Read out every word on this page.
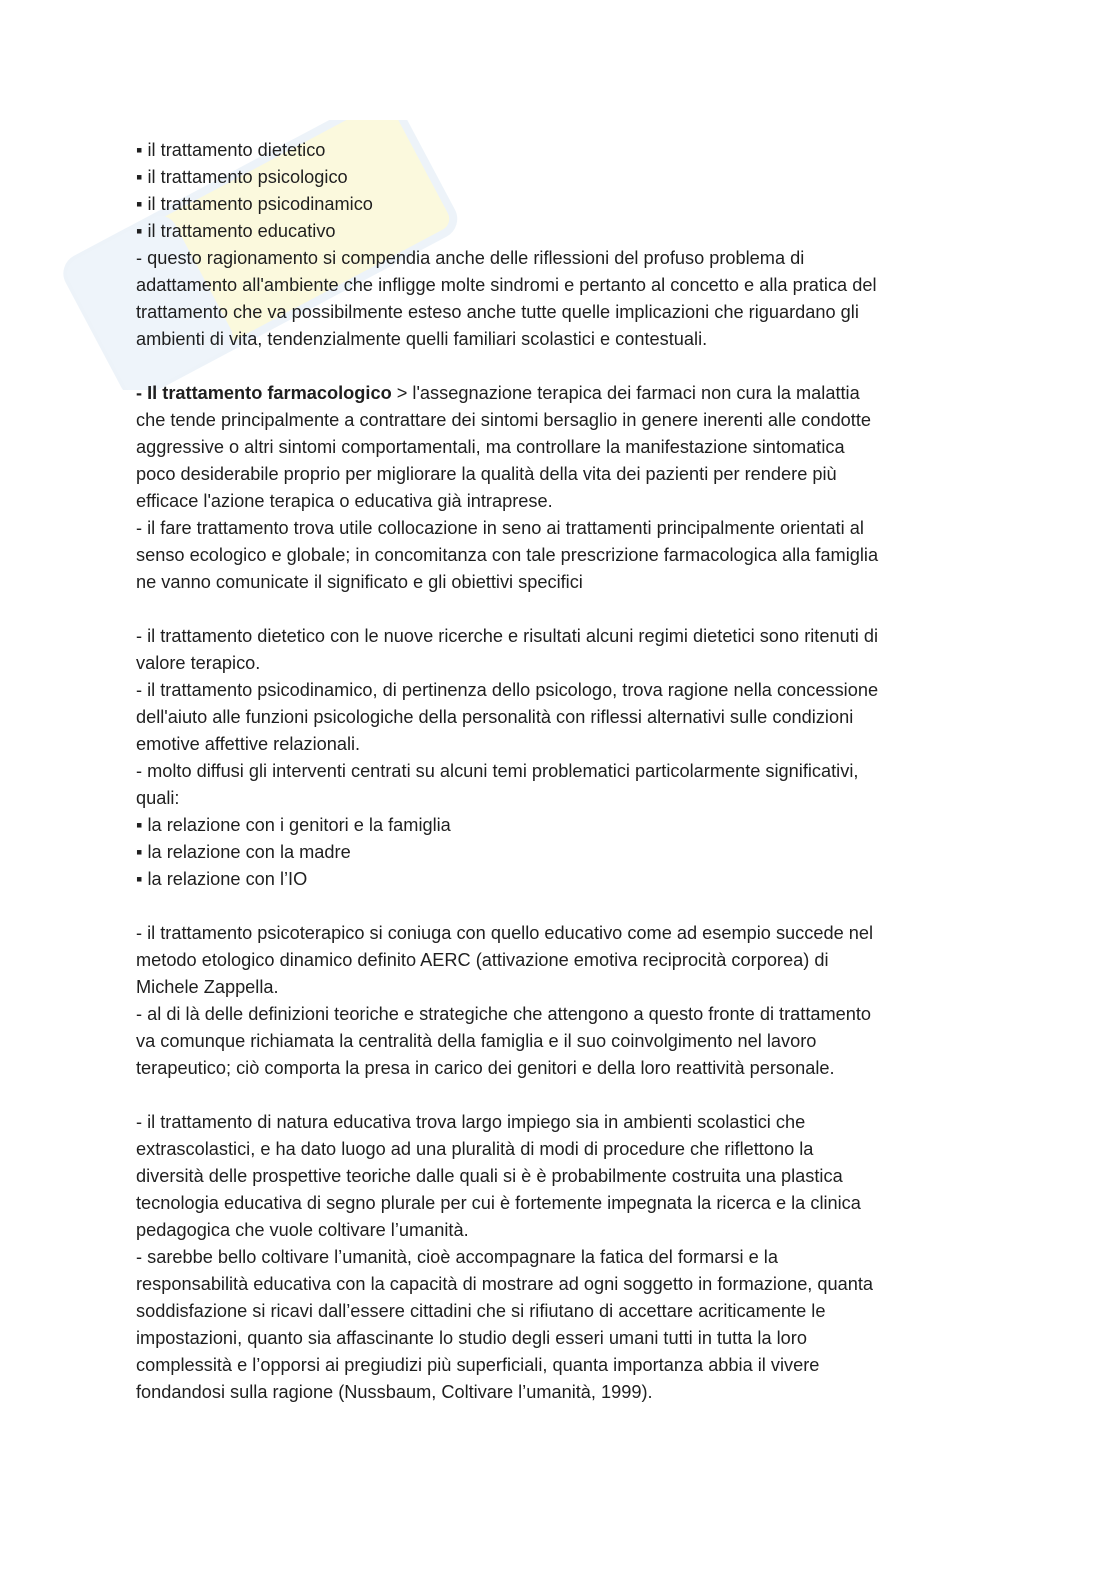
▪ il trattamento dietetico

▪ il trattamento psicologico

▪ il trattamento psicodinamico

▪ il trattamento educativo

- questo ragionamento si compendia anche delle riflessioni del profuso problema di

adattamento all'ambiente che infligge molte sindromi e pertanto al concetto e alla pratica del

trattamento che va possibilmente esteso anche tutte quelle implicazioni che riguardano gli

ambienti di vita, tendenzialmente quelli familiari scolastici e contestuali.

- Il trattamento farmacologico > l'assegnazione terapica dei farmaci non cura la malattia

che tende principalmente a contrattare dei sintomi bersaglio in genere inerenti alle condotte

aggressive o altri sintomi comportamentali, ma controllare la manifestazione sintomatica

poco desiderabile proprio per migliorare la qualità della vita dei pazienti per rendere più

efficace l'azione terapica o educativa già intraprese.

- il fare trattamento trova utile collocazione in seno ai trattamenti principalmente orientati al

senso ecologico e globale; in concomitanza con tale prescrizione farmacologica alla famiglia

ne vanno comunicate il significato e gli obiettivi specifici

- il trattamento dietetico con le nuove ricerche e risultati alcuni regimi dietetici sono ritenuti di

valore terapico.

- il trattamento psicodinamico, di pertinenza dello psicologo, trova ragione nella concessione

dell'aiuto alle funzioni psicologiche della personalità con riflessi alternativi sulle condizioni

emotive affettive relazionali.

- molto diffusi gli interventi centrati su alcuni temi problematici particolarmente significativi,

quali:

▪ la relazione con i genitori e la famiglia

▪ la relazione con la madre

▪ la relazione con l’IO

- il trattamento psicoterapico si coniuga con quello educativo come ad esempio succede nel

metodo etologico dinamico definito AERC (attivazione emotiva reciprocità corporea) di

Michele Zappella.

- al di là delle definizioni teoriche e strategiche che attengono a questo fronte di trattamento

va comunque richiamata la centralità della famiglia e il suo coinvolgimento nel lavoro

terapeutico; ciò comporta la presa in carico dei genitori e della loro reattività personale.

- il trattamento di natura educativa trova largo impiego sia in ambienti scolastici che

extrascolastici, e ha dato luogo ad una pluralità di modi di procedure che riflettono la

diversità delle prospettive teoriche dalle quali si è è probabilmente costruita una plastica

tecnologia educativa di segno plurale per cui è fortemente impegnata la ricerca e la clinica

pedagogica che vuole coltivare l’umanità.

- sarebbe bello coltivare l’umanità, cioè accompagnare la fatica del formarsi e la

responsabilità educativa con la capacità di mostrare ad ogni soggetto in formazione, quanta

soddisfazione si ricavi dall’essere cittadini che si rifiutano di accettare acriticamente le

impostazioni, quanto sia affascinante lo studio degli esseri umani tutti in tutta la loro

complessità e l’opporsi ai pregiudizi più superficiali, quanta importanza abbia il vivere

fondandosi sulla ragione (Nussbaum, Coltivare l’umanità, 1999).
